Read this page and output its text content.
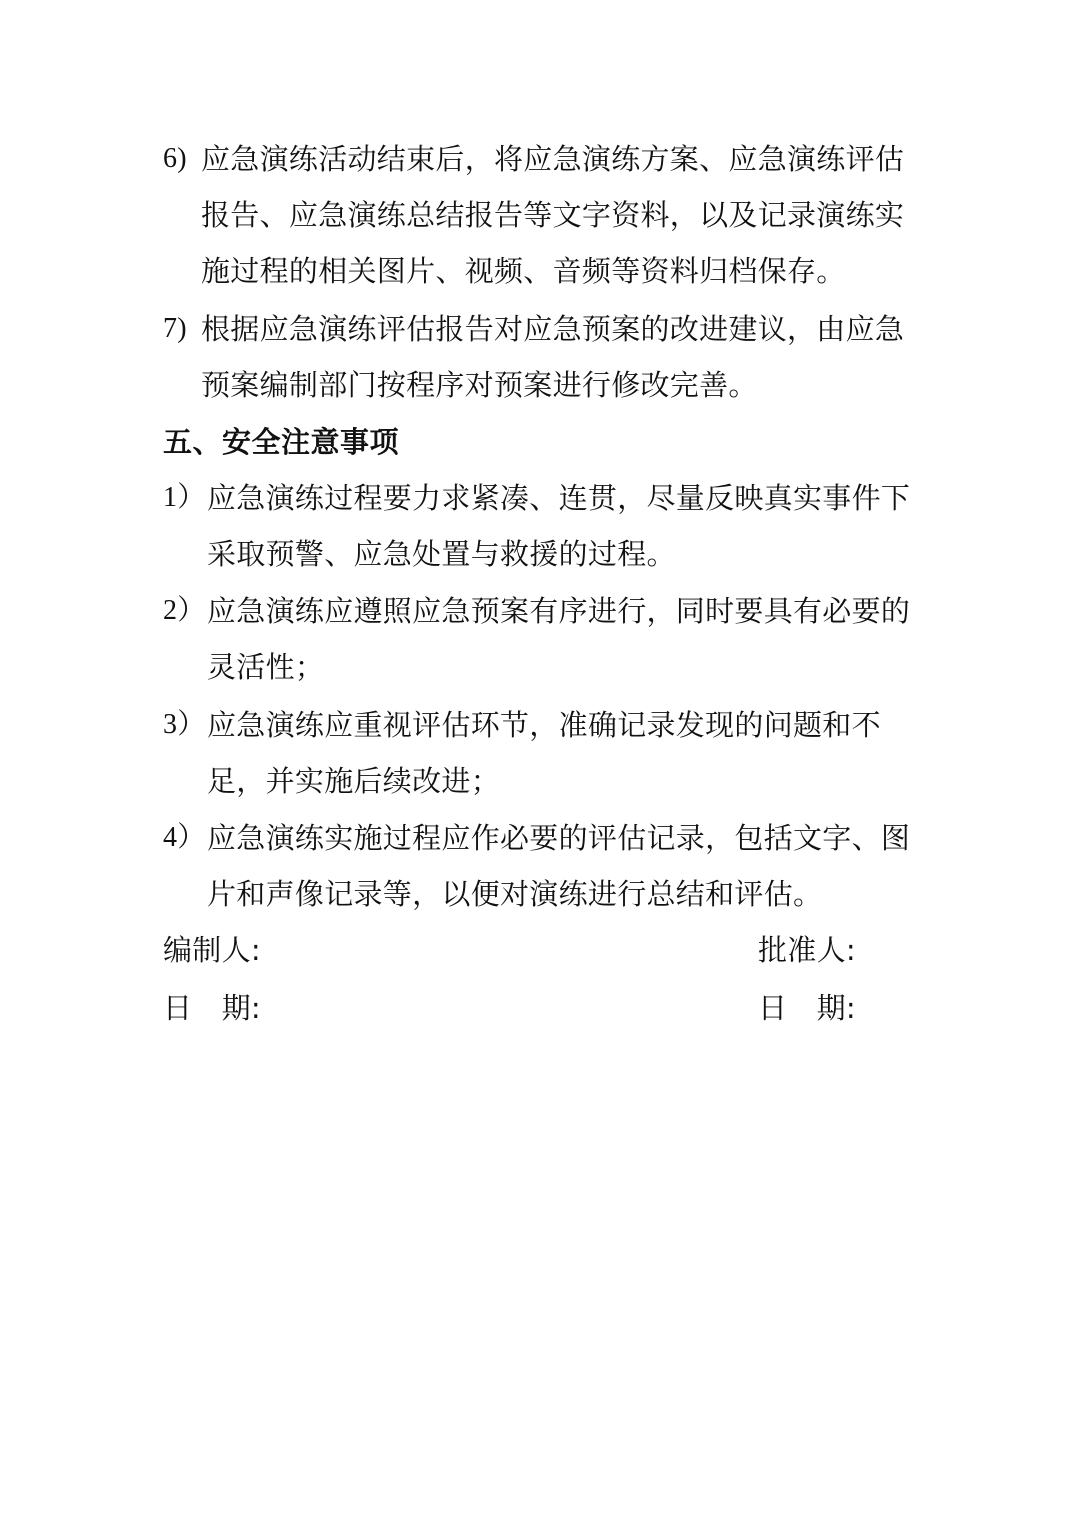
6) 应急演练活动结束后，将应急演练方案、应急演练评估报告、应急演练总结报告等文字资料，以及记录演练实施过程的相关图片、视频、音频等资料归档保存。
7) 根据应急演练评估报告对应急预案的改进建议，由应急预案编制部门按程序对预案进行修改完善。
五、安全注意事项
1） 应急演练过程要力求紧凑、连贯，尽量反映真实事件下采取预警、应急处置与救援的过程。
2） 应急演练应遵照应急预案有序进行，同时要具有必要的灵活性；
3） 应急演练应重视评估环节，准确记录发现的问题和不足，并实施后续改进；
4） 应急演练实施过程应作必要的评估记录，包括文字、图片和声像记录等，以便对演练进行总结和评估。
编制人:	批准人:
日　期:	日　期:
